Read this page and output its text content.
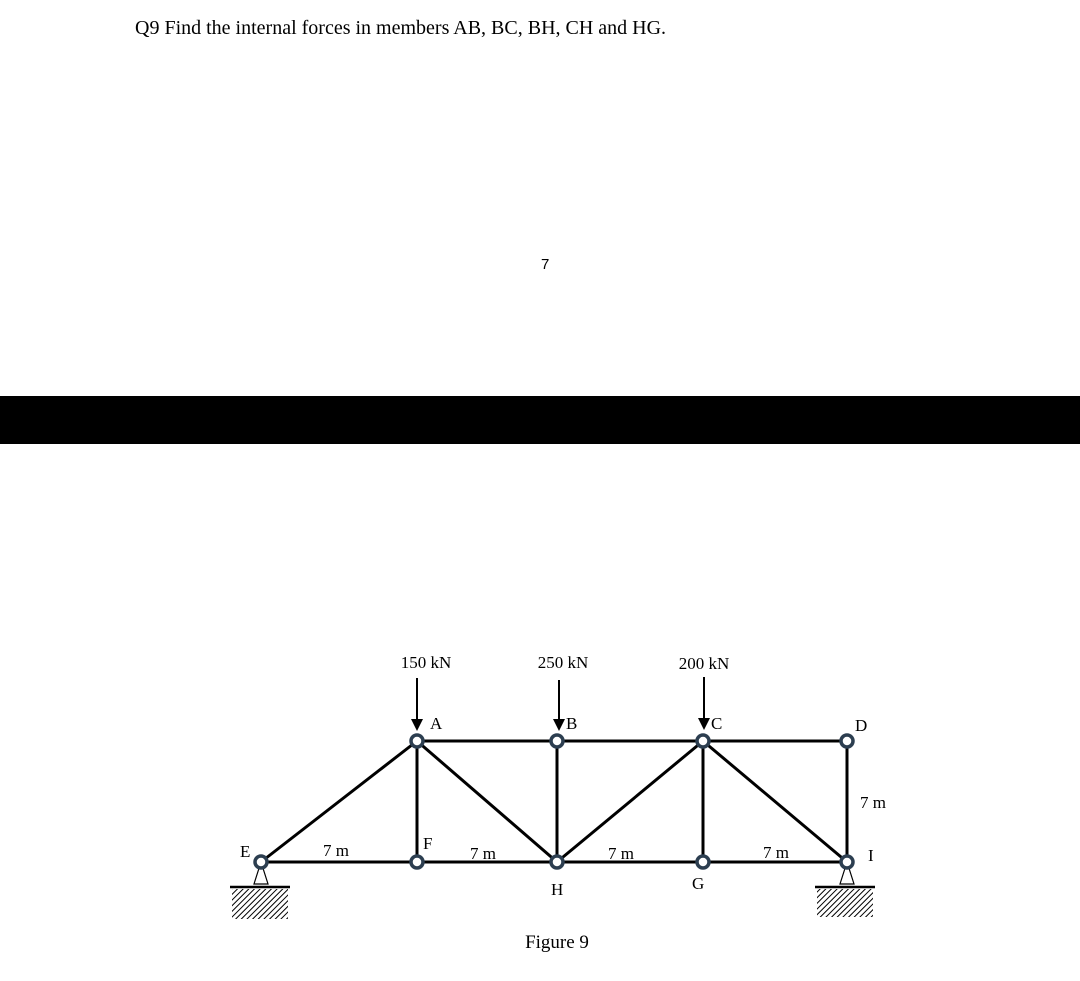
Q9 Find the internal forces in members AB, BC, BH, CH and HG.
7
150 kN	250 kN	200 kN
A	B	C	D
E	F
H	G
I
7 m	7 m	7 m	7 m
7 m
Figure 9
